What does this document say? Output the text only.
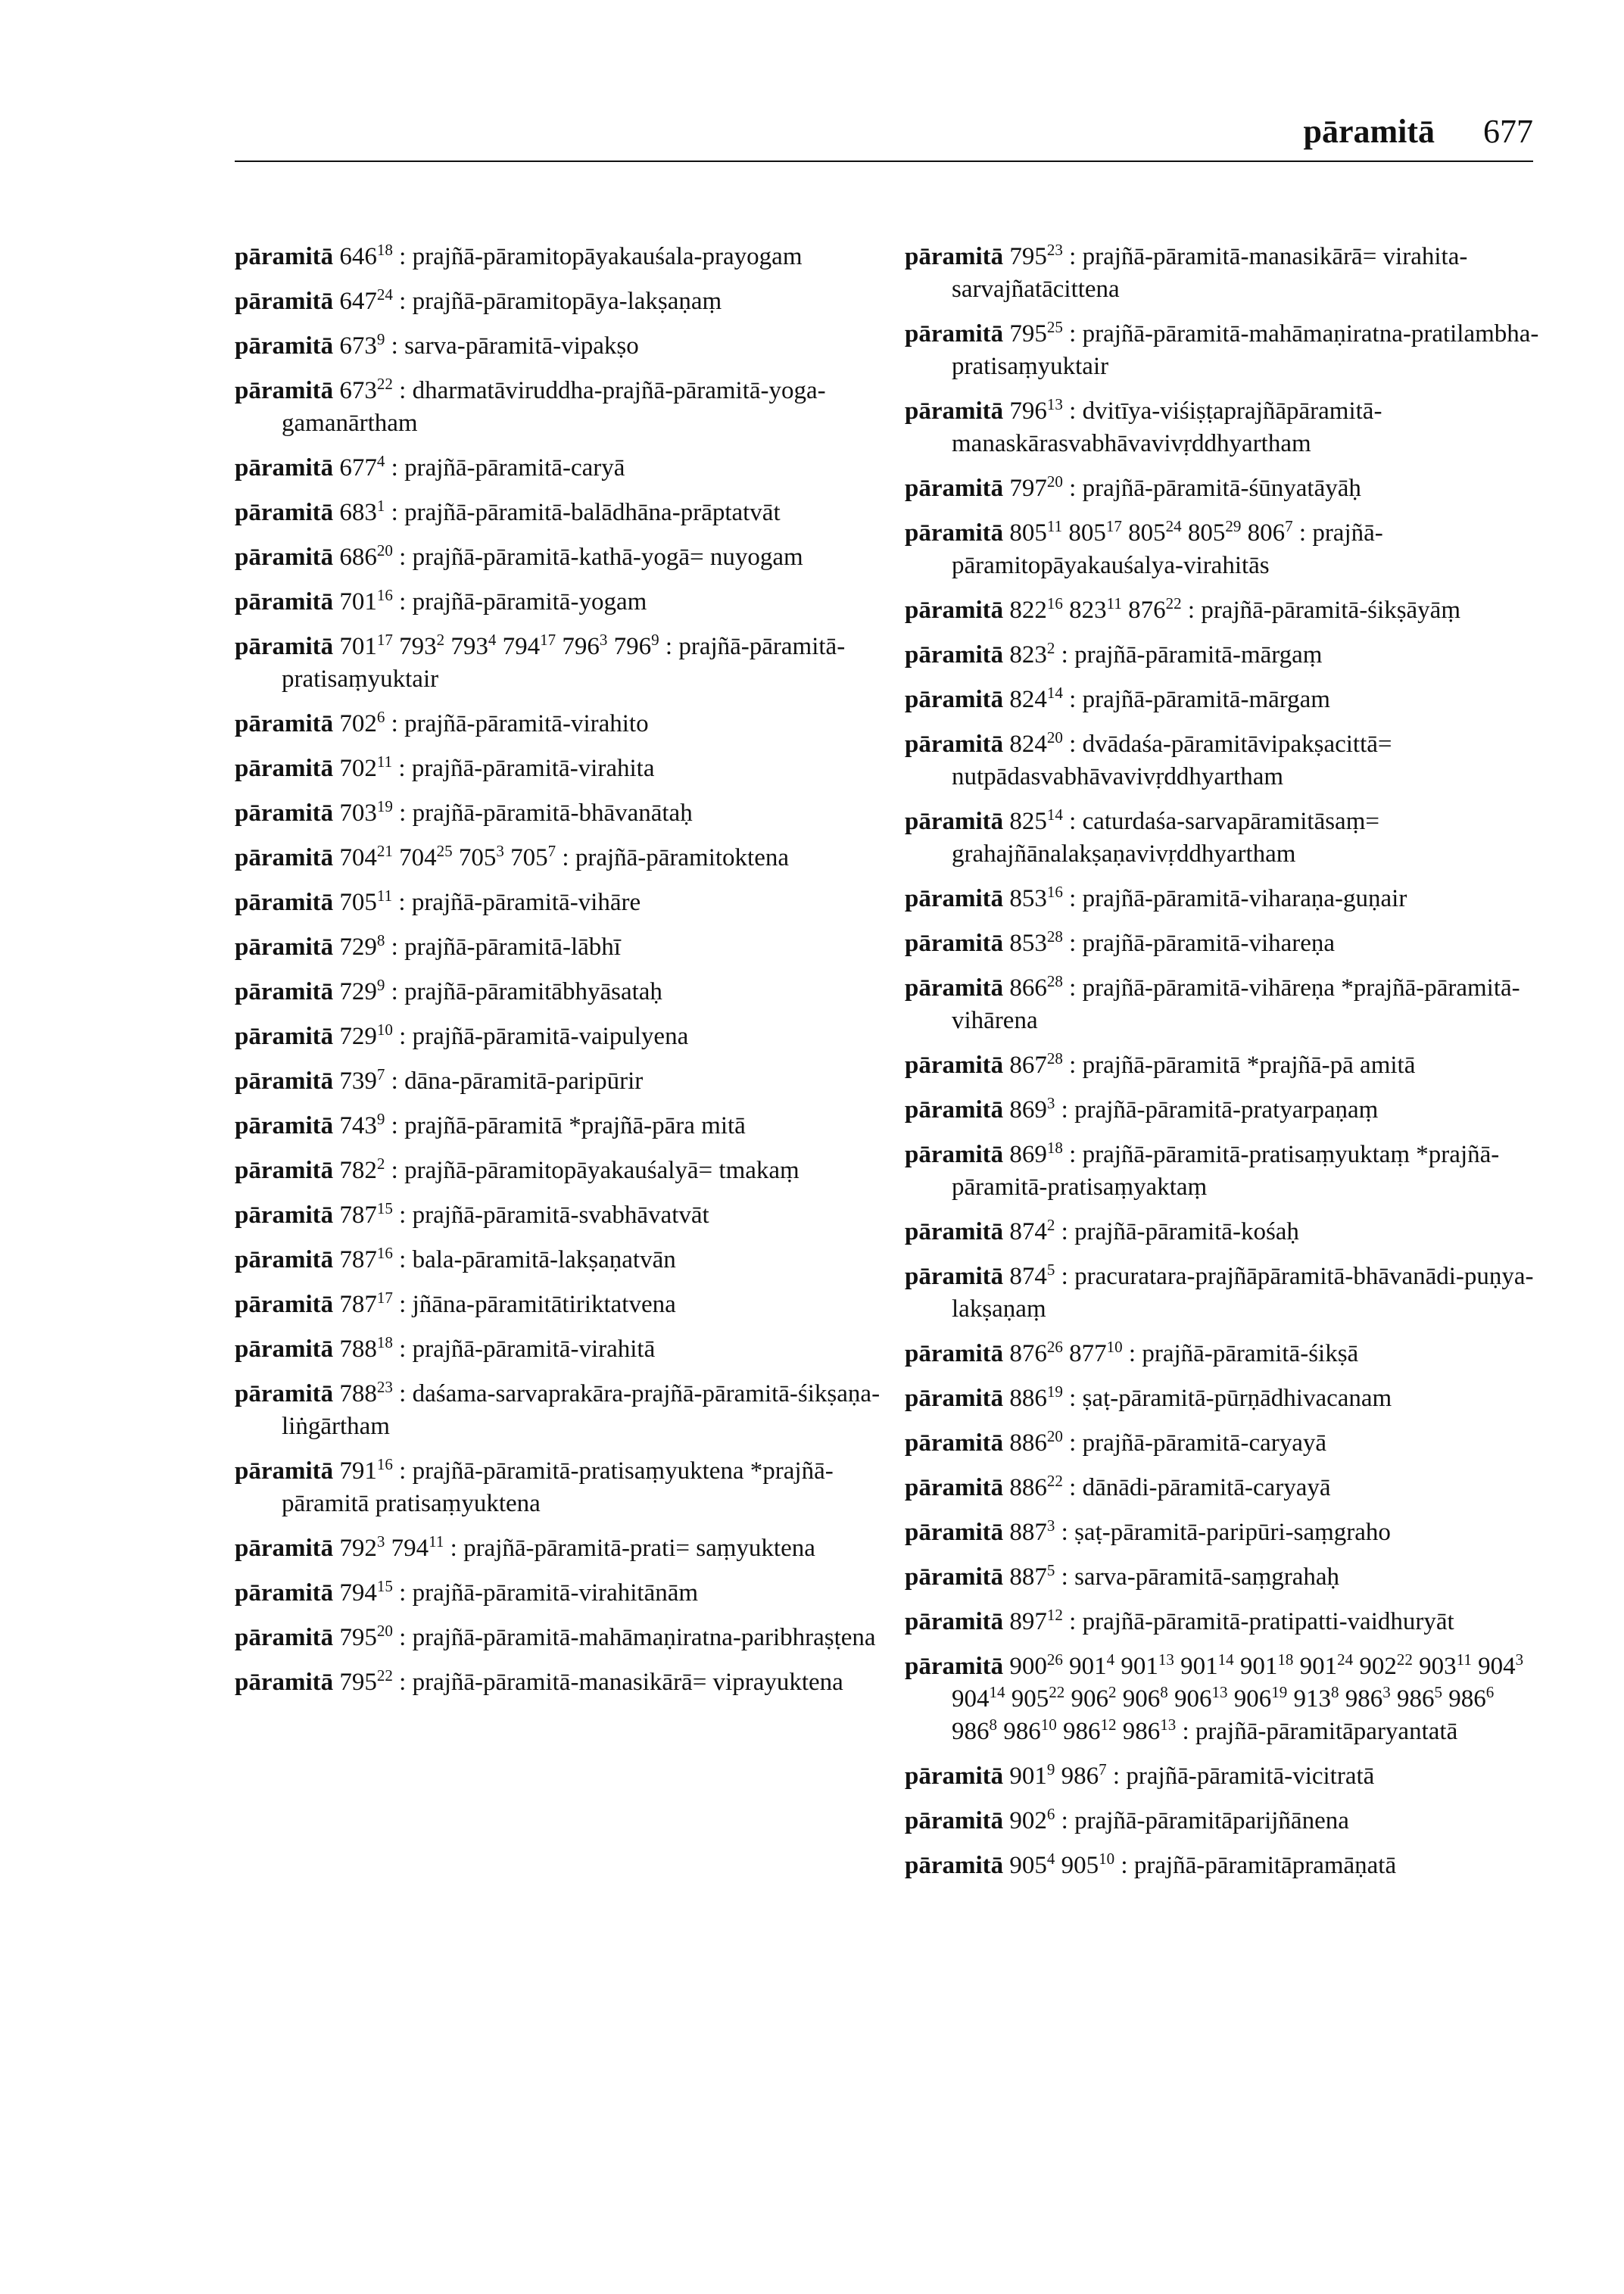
pāramitā 677
pāramitā $646^{18}$ : prajñā-pāramitopāyakauśala-prayogam
pāramitā $647^{24}$ : prajñā-pāramitopāya-lakṣaṇaṃ
pāramitā $673^9$ : sarva-pāramitā-vipakṣo
pāramitā $673^{22}$ : dharmatāviruddha-prajñā-pāramitā-yoga-gamanārtham
pāramitā $677^4$ : prajñā-pāramitā-caryā
pāramitā $683^1$ : prajñā-pāramitā-balādhāna-prāptatvāt
pāramitā $686^{20}$ : prajñā-pāramitā-kathā-yogā= nuyogam
pāramitā $701^{16}$ : prajñā-pāramitā-yogam
pāramitā $701^{17}$ $793^2$ $793^4$ $794^{17}$ $796^3$ $796^9$ : prajñā-pāramitā-pratisaṃyuktair
pāramitā $702^6$ : prajñā-pāramitā-virahito
pāramitā $702^{11}$ : prajñā-pāramitā-virahita
pāramitā $703^{19}$ : prajñā-pāramitā-bhāvanātaḥ
pāramitā $704^{21}$ $704^{25}$ $705^3$ $705^7$ : prajñā-pāramitoktena
pāramitā $705^{11}$ : prajñā-pāramitā-vihāre
pāramitā $729^8$ : prajñā-pāramitā-lābhī
pāramitā $729^9$ : prajñā-pāramitābhyāsataḥ
pāramitā $729^{10}$ : prajñā-pāramitā-vaipulyena
pāramitā $739^7$ : dāna-pāramitā-paripūrir
pāramitā $743^9$ : prajñā-pāramitā *prajñā-pāra mitā
pāramitā $782^2$ : prajñā-pāramitopāyakauśalyā= tmakaṃ
pāramitā $787^{15}$ : prajñā-pāramitā-svabhāvatvāt
pāramitā $787^{16}$ : bala-pāramitā-lakṣaṇatvān
pāramitā $787^{17}$ : jñāna-pāramitātiriktatvena
pāramitā $788^{18}$ : prajñā-pāramitā-virahitā
pāramitā $788^{23}$ : daśama-sarvaprakāra-prajñā-pāramitā-śikṣaṇa-liṅgārtham
pāramitā $791^{16}$ : prajñā-pāramitā-pratisaṃyuktena *prajñā-pāramitā pratisaṃyuktena
pāramitā $792^3$ $794^{11}$ : prajñā-pāramitā-prati= saṃyuktena
pāramitā $794^{15}$ : prajñā-pāramitā-virahitānām
pāramitā $795^{20}$ : prajñā-pāramitā-mahāmaṇiratna-paribhraṣṭena
pāramitā $795^{22}$ : prajñā-pāramitā-manasikārā= viprayuktena
pāramitā $795^{23}$ : prajñā-pāramitā-manasikārā= virahita-sarvajñatācittena
pāramitā $795^{25}$ : prajñā-pāramitā-mahāmaṇiratna-pratilambha-pratisaṃyuktair
pāramitā $796^{13}$ : dvitīya-viśiṣṭaprajñāpāramitā-manaskārasvabhāvavivṛddhyartham
pāramitā $797^{20}$ : prajñā-pāramitā-śūnyatāyāḥ
pāramitā $805^{11}$ $805^{17}$ $805^{24}$ $805^{29}$ $806^7$ : prajñā-pāramitopāyakauśalya-virahitās
pāramitā $822^{16}$ $823^{11}$ $876^{22}$ : prajñā-pāramitā-śikṣāyāṃ
pāramitā $823^2$ : prajñā-pāramitā-mārgaṃ
pāramitā $824^{14}$ : prajñā-pāramitā-mārgam
pāramitā $824^{20}$ : dvādaśa-pāramitāvipakṣacittā= nutpādasvabhāvavivṛddhyartham
pāramitā $825^{14}$ : caturdaśa-sarvapāramitāsaṃ= grahajñānalakṣaṇavivṛddhyartham
pāramitā $853^{16}$ : prajñā-pāramitā-viharaṇa-guṇair
pāramitā $853^{28}$ : prajñā-pāramitā-vihareṇa
pāramitā $866^{28}$ : prajñā-pāramitā-vihāreṇa *prajñā-pāramitā-vihārena
pāramitā $867^{28}$ : prajñā-pāramitā *prajñā-pā amitā
pāramitā $869^3$ : prajñā-pāramitā-pratyarpaṇaṃ
pāramitā $869^{18}$ : prajñā-pāramitā-pratisaṃyuktaṃ *prajñā-pāramitā-pratisaṃyaktaṃ
pāramitā $874^2$ : prajñā-pāramitā-kośaḥ
pāramitā $874^5$ : pracuratara-prajñāpāramitā-bhāvanādi-puṇya-lakṣaṇaṃ
pāramitā $876^{26}$ $877^{10}$ : prajñā-pāramitā-śikṣā
pāramitā $886^{19}$ : ṣaṭ-pāramitā-pūrṇādhivacanam
pāramitā $886^{20}$ : prajñā-pāramitā-caryayā
pāramitā $886^{22}$ : dānādi-pāramitā-caryayā
pāramitā $887^3$ : ṣaṭ-pāramitā-paripūri-saṃgraho
pāramitā $887^5$ : sarva-pāramitā-saṃgrahaḥ
pāramitā $897^{12}$ : prajñā-pāramitā-pratipatti-vaidhuryāt
pāramitā $900^{26}$ $901^4$ $901^{13}$ $901^{14}$ $901^{18}$ $901^{24}$ $902^{22}$ $903^{11}$ $904^3$ $904^{14}$ $905^{22}$ $906^2$ $906^8$ $906^{13}$ $906^{19}$ $913^8$ $986^3$ $986^5$ $986^6$ $986^8$ $986^{10}$ $986^{12}$ $986^{13}$ : prajñā-pāramitāparyantatā
pāramitā $901^9$ $986^7$ : prajñā-pāramitā-vicitratā
pāramitā $902^6$ : prajñā-pāramitāparijñānena
pāramitā $905^4$ $905^{10}$ : prajñā-pāramitāpramāṇatā
